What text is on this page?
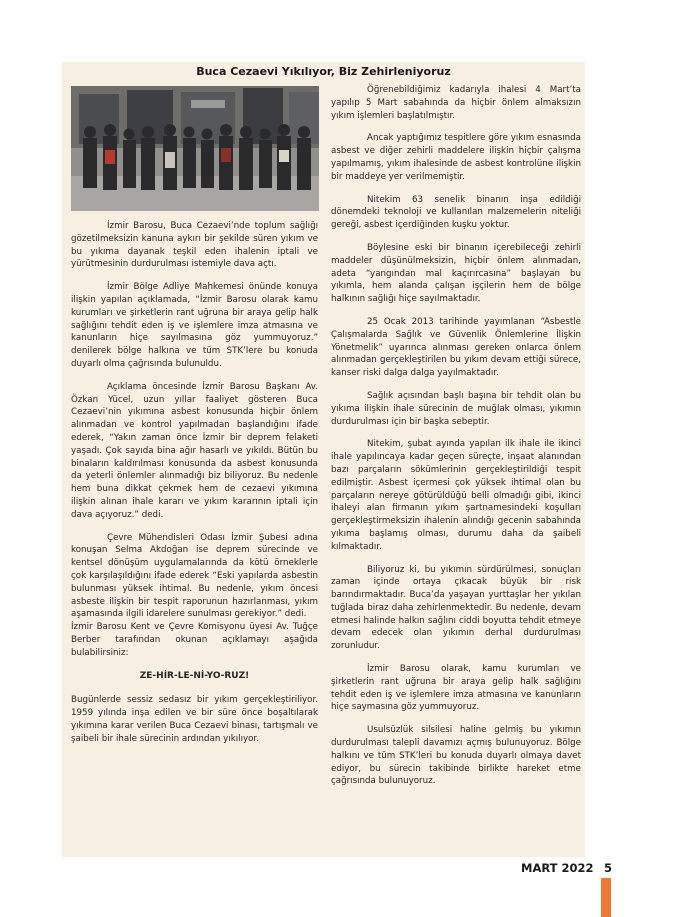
Buca Cezaevi Yıkılıyor, Biz Zehirleniyoruz

İzmir Barosu, Buca Cezaevi’nde toplum sağlığı gözetilmeksizin kanuna aykırı bir şekilde süren yıkım ve bu yıkıma dayanak teşkil eden ihalenin iptali ve yürütmesinin durdurulması istemiyle dava açtı.

İzmir Bölge Adliye Mahkemesi önünde konuya ilişkin yapılan açıklamada, “İzmir Barosu olarak kamu kurumları ve şirketlerin rant uğruna bir araya gelip halk sağlığını tehdit eden iş ve işlemlere imza atmasına ve kanunların hiçe sayılmasına göz yummuyoruz.” denilerek bölge halkına ve tüm STK’lere bu konuda duyarlı olma çağrısında bulunuldu.

Açıklama öncesinde İzmir Barosu Başkanı Av. Özkan Yücel, uzun yıllar faaliyet gösteren Buca Cezaevi’nin yıkımına asbest konusunda hiçbir önlem alınmadan ve kontrol yapılmadan başlandığını ifade ederek, “Yakın zaman önce İzmir bir deprem felaketi yaşadı. Çok sayıda bina ağır hasarlı ve yıkıldı. Bütün bu binaların kaldırılması konusunda da asbest konusunda da yeterli önlemler alınmadığı biz biliyoruz. Bu nedenle hem buna dikkat çekmek hem de cezaevi yıkımına ilişkin alınan ihale kararı ve yıkım kararının iptali için dava açıyoruz.” dedi.

Çevre Mühendisleri Odası İzmir Şubesi adına konuşan Selma Akdoğan ise deprem sürecinde ve kentsel dönüşüm uygulamalarında da kötü örneklerle çok karşılaşıldığını ifade ederek “Eski yapılarda asbestin bulunması yüksek ihtimal. Bu nedenle, yıkım öncesi asbeste ilişkin bir tespit raporunun hazırlanması, yıkım aşamasında ilgili idarelere sunulması gerekiyor.” dedi.

İzmir Barosu Kent ve Çevre Komisyonu üyesi Av. Tuğçe Berber tarafından okunan açıklamayı aşağıda bulabilirsiniz:

ZE-HİR-LE-Nİ-YO-RUZ!

Bugünlerde sessiz sedasız bir yıkım gerçekleştiriliyor. 1959 yılında inşa edilen ve bir süre önce boşaltılarak yıkımına karar verilen Buca Cezaevi binası, tartışmalı ve şaibeli bir ihale sürecinin ardından yıkılıyor.

Öğrenebildiğimiz kadarıyla ihalesi 4 Mart’ta yapılıp 5 Mart sabahında da hiçbir önlem almaksızın yıkım işlemleri başlatılmıştır.

Ancak yaptığımız tespitlere göre yıkım esnasında asbest ve diğer zehirli maddelere ilişkin hiçbir çalışma yapılmamış, yıkım ihalesinde de asbest kontrolüne ilişkin bir maddeye yer verilmemiştir.

Nitekim 63 senelik binanın inşa edildiği dönemdeki teknoloji ve kullanılan malzemelerin niteliği gereği, asbest içerdiğinden kuşku yoktur.

Böylesine eski bir binanın içerebileceği zehirli maddeler düşünülmeksizin, hiçbir önlem alınmadan, adeta “yangından mal kaçırırcasına” başlayan bu yıkımla, hem alanda çalışan işçilerin hem de bölge halkının sağlığı hiçe sayılmaktadır.

25 Ocak 2013 tarihinde yayımlanan “Asbestle Çalışmalarda Sağlık ve Güvenlik Önlemlerine İlişkin Yönetmelik” uyarınca alınması gereken onlarca önlem alınmadan gerçekleştirilen bu yıkım devam ettiği sürece, kanser riski dalga dalga yayılmaktadır.

Sağlık açısından başlı başına bir tehdit olan bu yıkıma ilişkin ihale sürecinin de muğlak olması, yıkımın durdurulması için bir başka sebeptir.

Nitekim, şubat ayında yapılan ilk ihale ile ikinci ihale yapılıncaya kadar geçen süreçte, inşaat alanından bazı parçaların sökümlerinin gerçekleştirildiği tespit edilmiştir. Asbest içermesi çok yüksek ihtimal olan bu parçaların nereye götürüldüğü belli olmadığı gibi, ikinci ihaleyi alan firmanın yıkım şartnamesindeki koşulları gerçekleştirmeksizin ihalenin alındığı gecenin sabahında yıkıma başlamış olması, durumu daha da şaibeli kılmaktadır.

Biliyoruz ki, bu yıkımın sürdürülmesi, sonuçları zaman içinde ortaya çıkacak büyük bir risk barındırmaktadır. Buca’da yaşayan yurttaşlar her yıkılan tuğlada biraz daha zehirlenmektedir. Bu nedenle, devam etmesi halinde halkın sağlını ciddi boyutta tehdit etmeye devam edecek olan yıkımın derhal durdurulması zorunludur.

İzmir Barosu olarak, kamu kurumları ve şirketlerin rant uğruna bir araya gelip halk sağlığını tehdit eden iş ve işlemlere imza atmasına ve kanunların hiçe saymasına göz yummuyoruz.

Usulsüzlük silsilesi haline gelmiş bu yıkımın durdurulması talepli davamızı açmış bulunuyoruz. Bölge halkını ve tüm STK’leri bu konuda duyarlı olmaya davet ediyor, bu sürecin takibinde birlikte hareket etme çağrısında bulunuyoruz.

MART 2022 5
